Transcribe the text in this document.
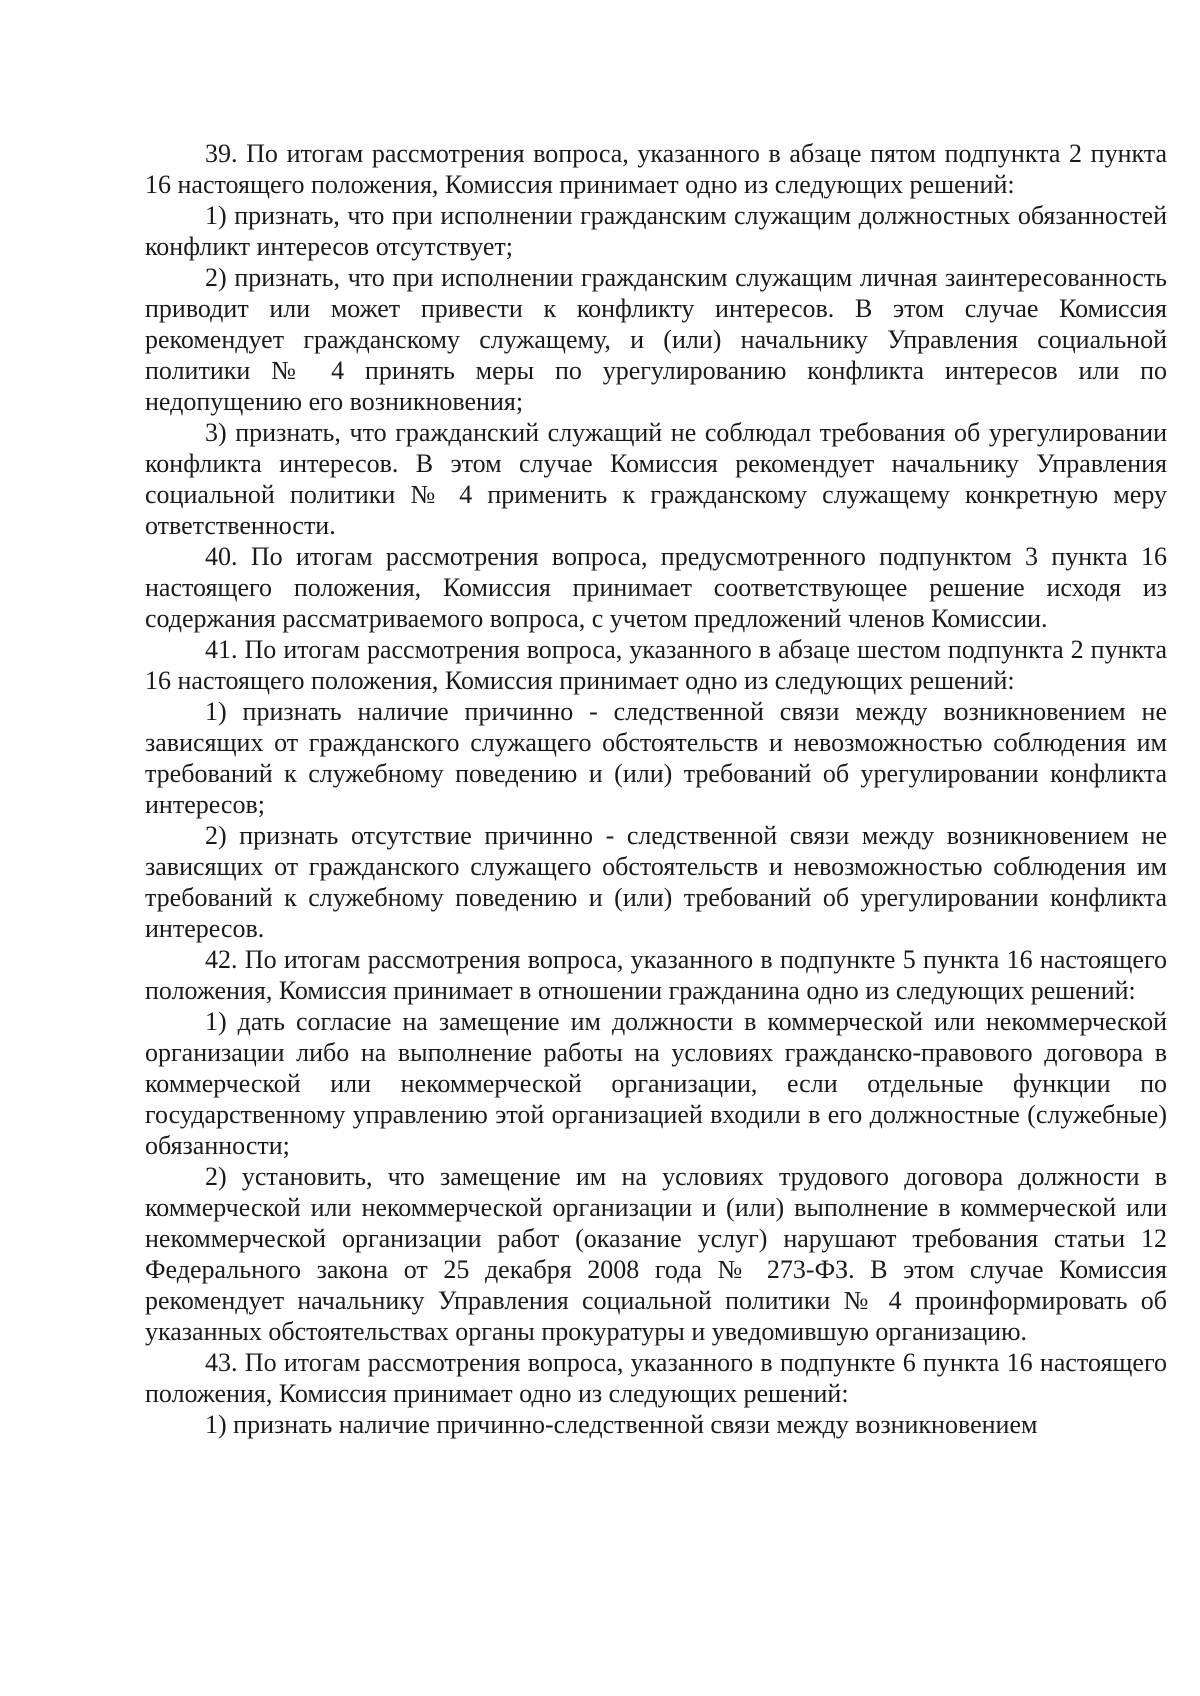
39. По итогам рассмотрения вопроса, указанного в абзаце пятом подпункта 2 пункта 16 настоящего положения, Комиссия принимает одно из следующих решений:

1) признать, что при исполнении гражданским служащим должностных обязанностей конфликт интересов отсутствует;

2) признать, что при исполнении гражданским служащим личная заинтересованность приводит или может привести к конфликту интересов. В этом случае Комиссия рекомендует гражданскому служащему, и (или) начальнику Управления социальной политики № 4 принять меры по урегулированию конфликта интересов или по недопущению его возникновения;

3) признать, что гражданский служащий не соблюдал требования об урегулировании конфликта интересов. В этом случае Комиссия рекомендует начальнику Управления социальной политики № 4 применить к гражданскому служащему конкретную меру ответственности.

40. По итогам рассмотрения вопроса, предусмотренного подпунктом 3 пункта 16 настоящего положения, Комиссия принимает соответствующее решение исходя из содержания рассматриваемого вопроса, с учетом предложений членов Комиссии.

41. По итогам рассмотрения вопроса, указанного в абзаце шестом подпункта 2 пункта 16 настоящего положения, Комиссия принимает одно из следующих решений:

1) признать наличие причинно - следственной связи между возникновением не зависящих от гражданского служащего обстоятельств и невозможностью соблюдения им требований к служебному поведению и (или) требований об урегулировании конфликта интересов;

2) признать отсутствие причинно - следственной связи между возникновением не зависящих от гражданского служащего обстоятельств и невозможностью соблюдения им требований к служебному поведению и (или) требований об урегулировании конфликта интересов.

42. По итогам рассмотрения вопроса, указанного в подпункте 5 пункта 16 настоящего положения, Комиссия принимает в отношении гражданина одно из следующих решений:

1) дать согласие на замещение им должности в коммерческой или некоммерческой организации либо на выполнение работы на условиях гражданско-правового договора в коммерческой или некоммерческой организации, если отдельные функции по государственному управлению этой организацией входили в его должностные (служебные) обязанности;

2) установить, что замещение им на условиях трудового договора должности в коммерческой или некоммерческой организации и (или) выполнение в коммерческой или некоммерческой организации работ (оказание услуг) нарушают требования статьи 12 Федерального закона от 25 декабря 2008 года № 273-ФЗ. В этом случае Комиссия рекомендует начальнику Управления социальной политики № 4 проинформировать об указанных обстоятельствах органы прокуратуры и уведомившую организацию.

43. По итогам рассмотрения вопроса, указанного в подпункте 6 пункта 16 настоящего положения, Комиссия принимает одно из следующих решений:

1) признать наличие причинно-следственной связи между возникновением
